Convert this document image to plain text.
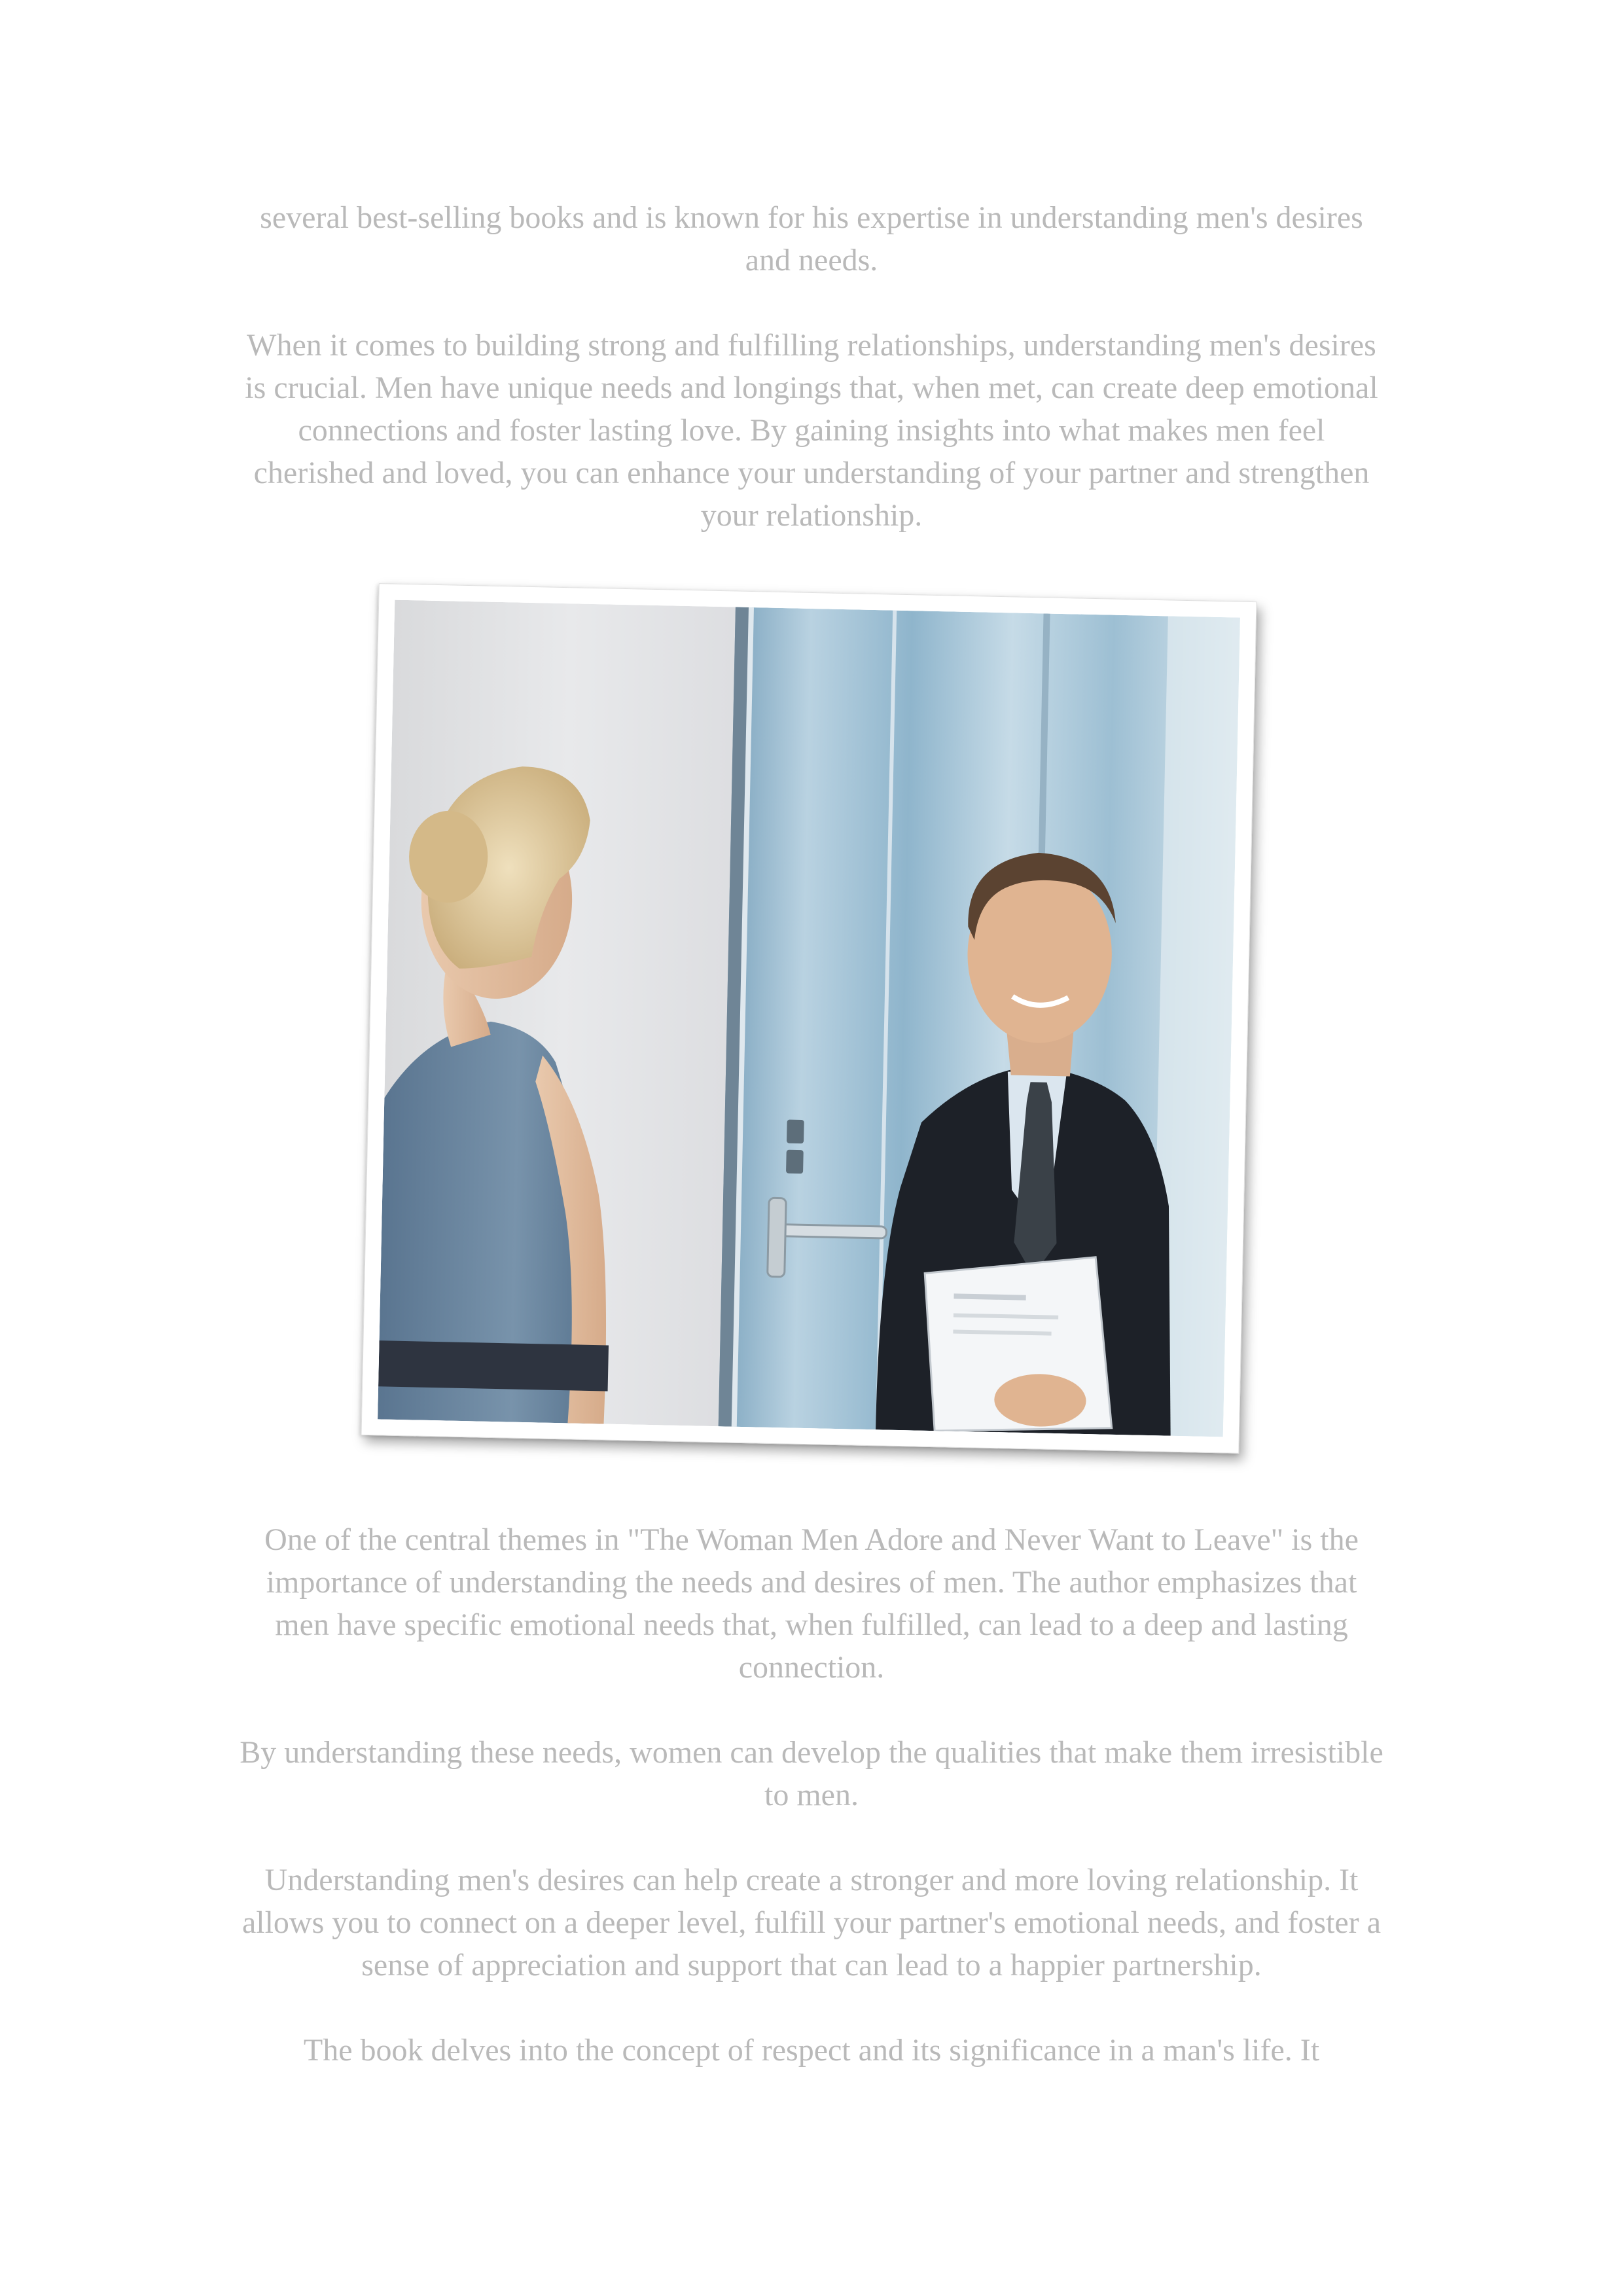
several best-selling books and is known for his expertise in understanding men's desires and needs.

When it comes to building strong and fulfilling relationships, understanding men's desires is crucial. Men have unique needs and longings that, when met, can create deep emotional connections and foster lasting love. By gaining insights into what makes men feel cherished and loved, you can enhance your understanding of your partner and strengthen your relationship.

One of the central themes in "The Woman Men Adore and Never Want to Leave" is the importance of understanding the needs and desires of men. The author emphasizes that men have specific emotional needs that, when fulfilled, can lead to a deep and lasting connection.

By understanding these needs, women can develop the qualities that make them irresistible to men.

Understanding men's desires can help create a stronger and more loving relationship. It allows you to connect on a deeper level, fulfill your partner's emotional needs, and foster a sense of appreciation and support that can lead to a happier partnership.

The book delves into the concept of respect and its significance in a man's life. It
